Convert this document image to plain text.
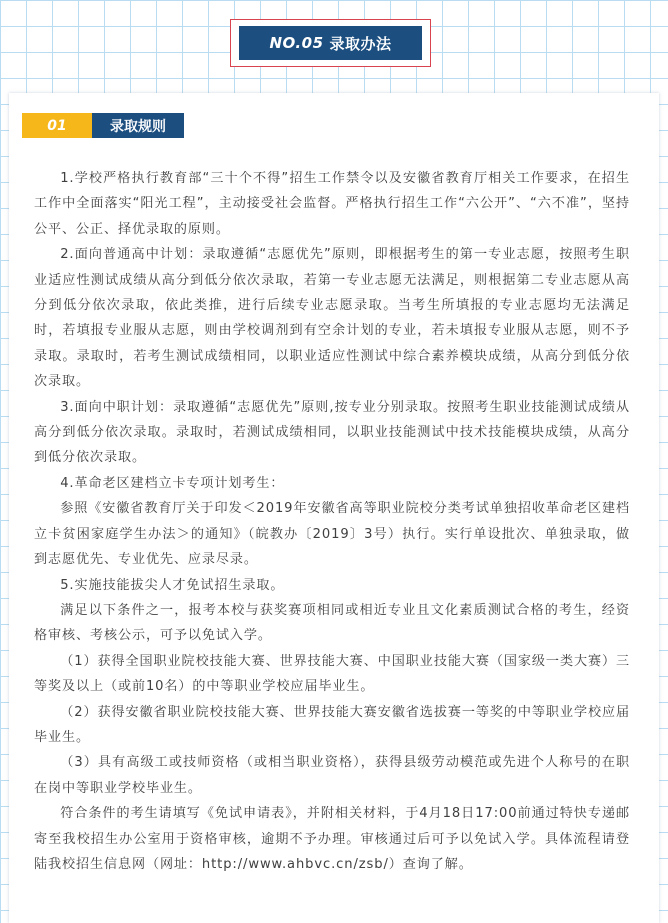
NO.05 录取办法
01	录取规则

1.学校严格执行教育部“三十个不得”招生工作禁令以及安徽省教育厅相关工作要求，在招生工作中全面落实“阳光工程”，主动接受社会监督。严格执行招生工作“六公开”、“六不准”，坚持公平、公正、择优录取的原则。

2.面向普通高中计划：录取遵循“志愿优先”原则，即根据考生的第一专业志愿，按照考生职业适应性测试成绩从高分到低分依次录取，若第一专业志愿无法满足，则根据第二专业志愿从高分到低分依次录取，依此类推，进行后续专业志愿录取。当考生所填报的专业志愿均无法满足时，若填报专业服从志愿，则由学校调剂到有空余计划的专业，若未填报专业服从志愿，则不予录取。录取时，若考生测试成绩相同，以职业适应性测试中综合素养模块成绩，从高分到低分依次录取。

3.面向中职计划：录取遵循“志愿优先”原则,按专业分别录取。按照考生职业技能测试成绩从高分到低分依次录取。录取时，若测试成绩相同，以职业技能测试中技术技能模块成绩，从高分到低分依次录取。

4.革命老区建档立卡专项计划考生：

参照《安徽省教育厅关于印发＜2019年安徽省高等职业院校分类考试单独招收革命老区建档立卡贫困家庭学生办法＞的通知》（皖教办〔2019〕3号）执行。实行单设批次、单独录取，做到志愿优先、专业优先、应录尽录。

5.实施技能拔尖人才免试招生录取。

满足以下条件之一，报考本校与获奖赛项相同或相近专业且文化素质测试合格的考生，经资格审核、考核公示，可予以免试入学。

（1）获得全国职业院校技能大赛、世界技能大赛、中国职业技能大赛（国家级一类大赛）三等奖及以上（或前10名）的中等职业学校应届毕业生。

（2）获得安徽省职业院校技能大赛、世界技能大赛安徽省选拔赛一等奖的中等职业学校应届毕业生。

（3）具有高级工或技师资格（或相当职业资格），获得县级劳动模范或先进个人称号的在职在岗中等职业学校毕业生。

符合条件的考生请填写《免试申请表》，并附相关材料，于4月18日17:00前通过特快专递邮寄至我校招生办公室用于资格审核，逾期不予办理。审核通过后可予以免试入学。具体流程请登陆我校招生信息网（网址：http://www.ahbvc.cn/zsb/）查询了解。
